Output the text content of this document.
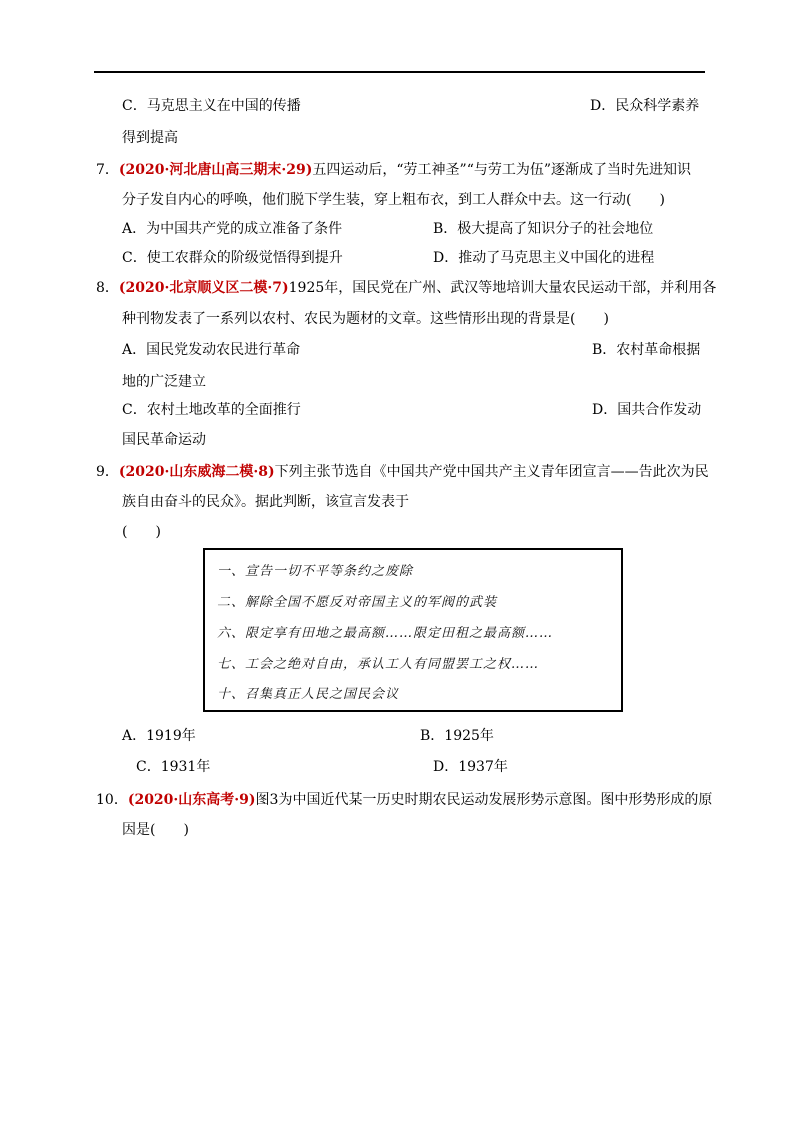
C．马克思主义在中国的传播	D．民众科学素养
得到提高
7．(2020·河北唐山高三期末·29)五四运动后，“劳工神圣”“与劳工为伍”逐渐成了当时先进知识
分子发自内心的呼唤，他们脱下学生装，穿上粗布衣，到工人群众中去。这一行动(　　)
A．为中国共产党的成立准备了条件	B．极大提高了知识分子的社会地位
C．使工农群众的阶级觉悟得到提升	D．推动了马克思主义中国化的进程
8．(2020·北京顺义区二模·7)1925年，国民党在广州、武汉等地培训大量农民运动干部，并利用各
种刊物发表了一系列以农村、农民为题材的文章。这些情形出现的背景是(　　)
A．国民党发动农民进行革命	B．农村革命根据
地的广泛建立
C．农村土地改革的全面推行	D．国共合作发动
国民革命运动
9．(2020·山东威海二模·8)下列主张节选自《中国共产党中国共产主义青年团宣言——告此次为民
族自由奋斗的民众》。据此判断，该宣言发表于
(　　)
一、宣告一切不平等条约之废除
二、解除全国不愿反对帝国主义的军阀的武装
六、限定享有田地之最高额……限定田租之最高额……
七、工会之绝对自由，承认工人有同盟罢工之权……
十、召集真正人民之国民会议
A．1919年	B．1925年
C．1931年	D．1937年
10．(2020·山东高考·9)图3为中国近代某一历史时期农民运动发展形势示意图。图中形势形成的原
因是(　　)
